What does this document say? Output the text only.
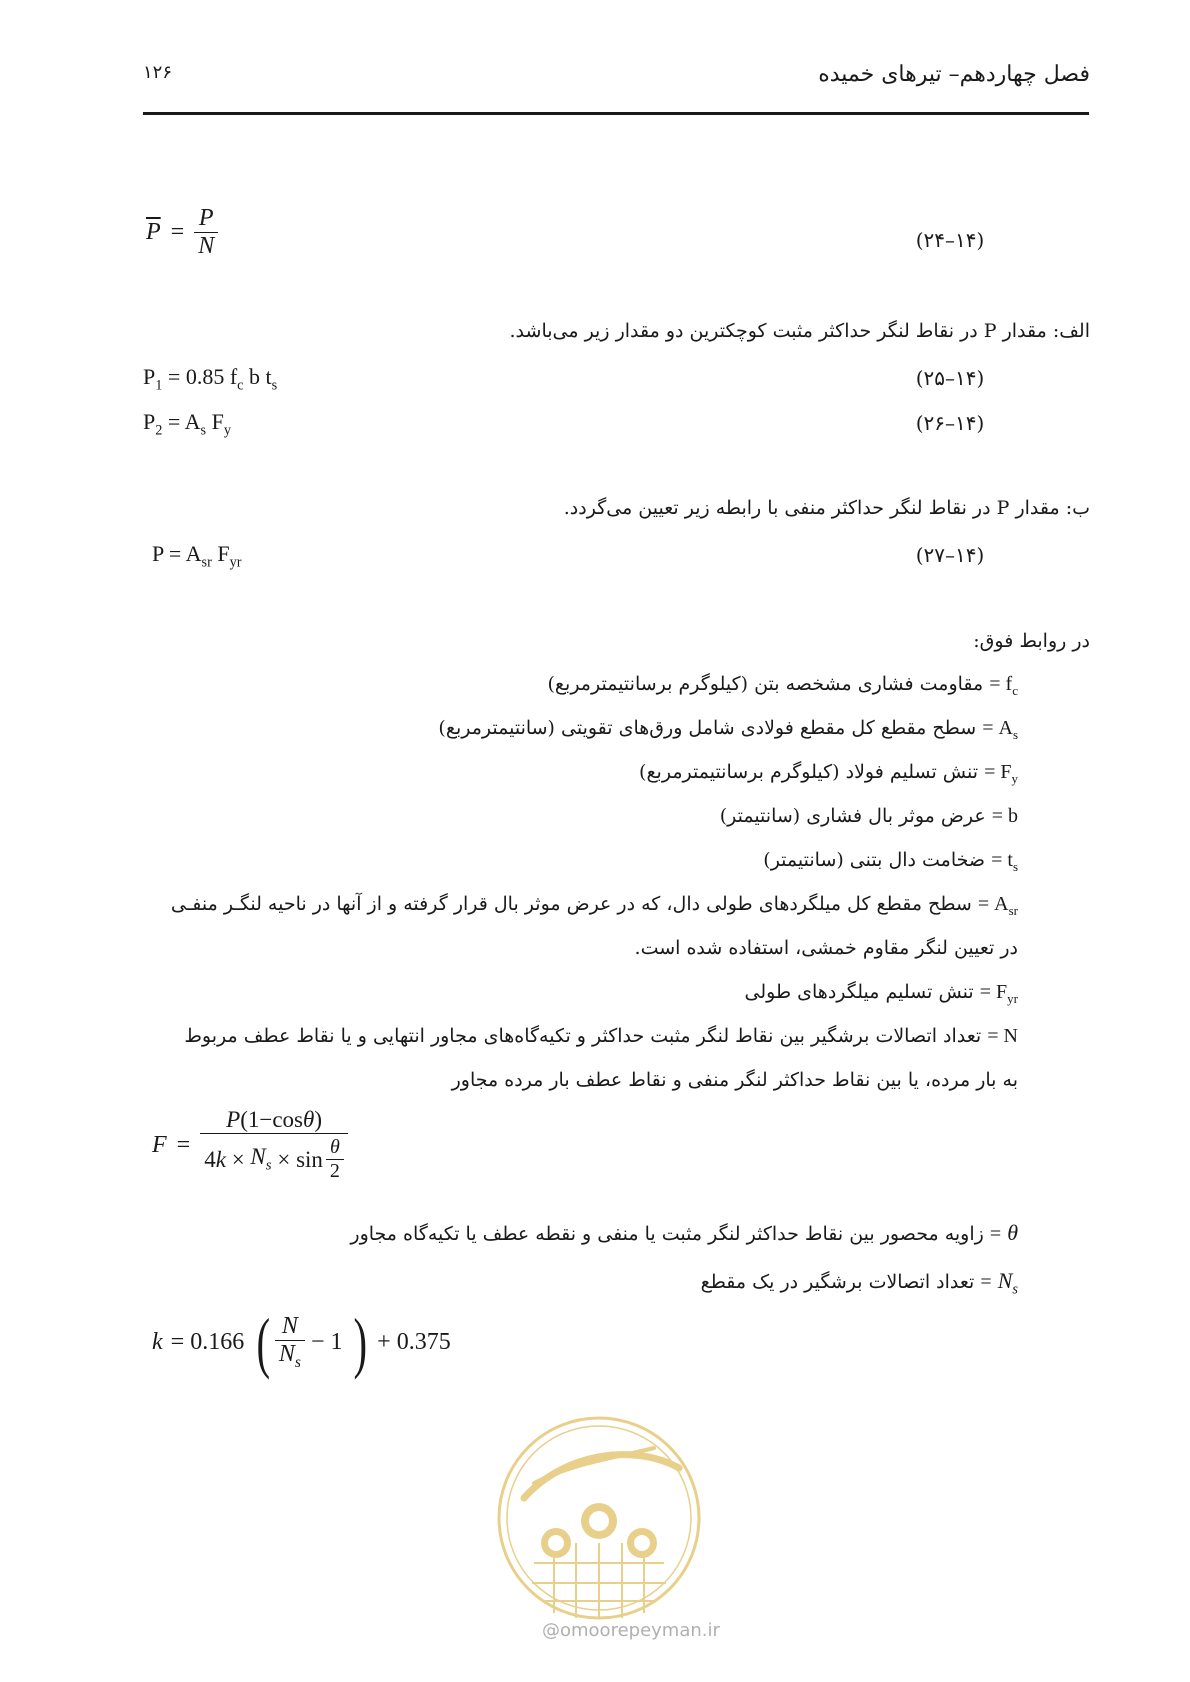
فصل چهاردهم– تیرهای خمیده
۱۲۶
$\overline{P} = \frac{P}{N}$	(۲۴–۱۴)
الف: مقدار P در نقاط لنگر حداکثر مثبت کوچکترین دو مقدار زیر می‌باشد.
$P_1 = 0.85$ $f_c$ b $t_s$	(۲۵–۱۴)
$P_2 = A_s$ $F_y$	(۲۶–۱۴)
ب: مقدار P در نقاط لنگر حداکثر منفی با رابطه زیر تعیین می‌گردد.
$P = A_{sr}$ $F_{yr}$	(۲۷–۱۴)
در روابط فوق:
$f_c$ = مقاومت فشاری مشخصه بتن (کیلوگرم برسانتیمترمربع)
$A_s$ = سطح مقطع کل مقطع فولادی شامل ورق‌های تقویتی (سانتیمترمربع)
$F_y$ = تنش تسلیم فولاد (کیلوگرم برسانتیمترمربع)
b = عرض موثر بال فشاری (سانتیمتر)
$t_s$ = ضخامت دال بتنی (سانتیمتر)
$A_{sr}$ = سطح مقطع کل میلگردهای طولی دال، که در عرض موثر بال قرار گرفته و از آنها در ناحیه لنگـر منفـی
در تعیین لنگر مقاوم خمشی، استفاده شده است.
$F_{yr}$ = تنش تسلیم میلگردهای طولی
N = تعداد اتصالات برشگیر بین نقاط لنگر مثبت حداکثر و تکیه‌گاه‌های مجاور انتهایی و یا نقاط عطف مربوط
به بار مرده، یا بین نقاط حداکثر لنگر منفی و نقاط عطف بار مرده مجاور
F = P(1−cosθ)
4 k
×
$N_s$
× $\sin \frac{\theta}{2}$
θ = زاویه محصور بین نقاط حداکثر لنگر مثبت یا منفی و نقطه عطف یا تکیه‌گاه مجاور
$N_s$ = تعداد اتصالات برشگیر در یک مقطع
k = 0.166 ( $\frac{N}{N_s} - 1$ ) + 0.375
@omoorepeyman.ir
